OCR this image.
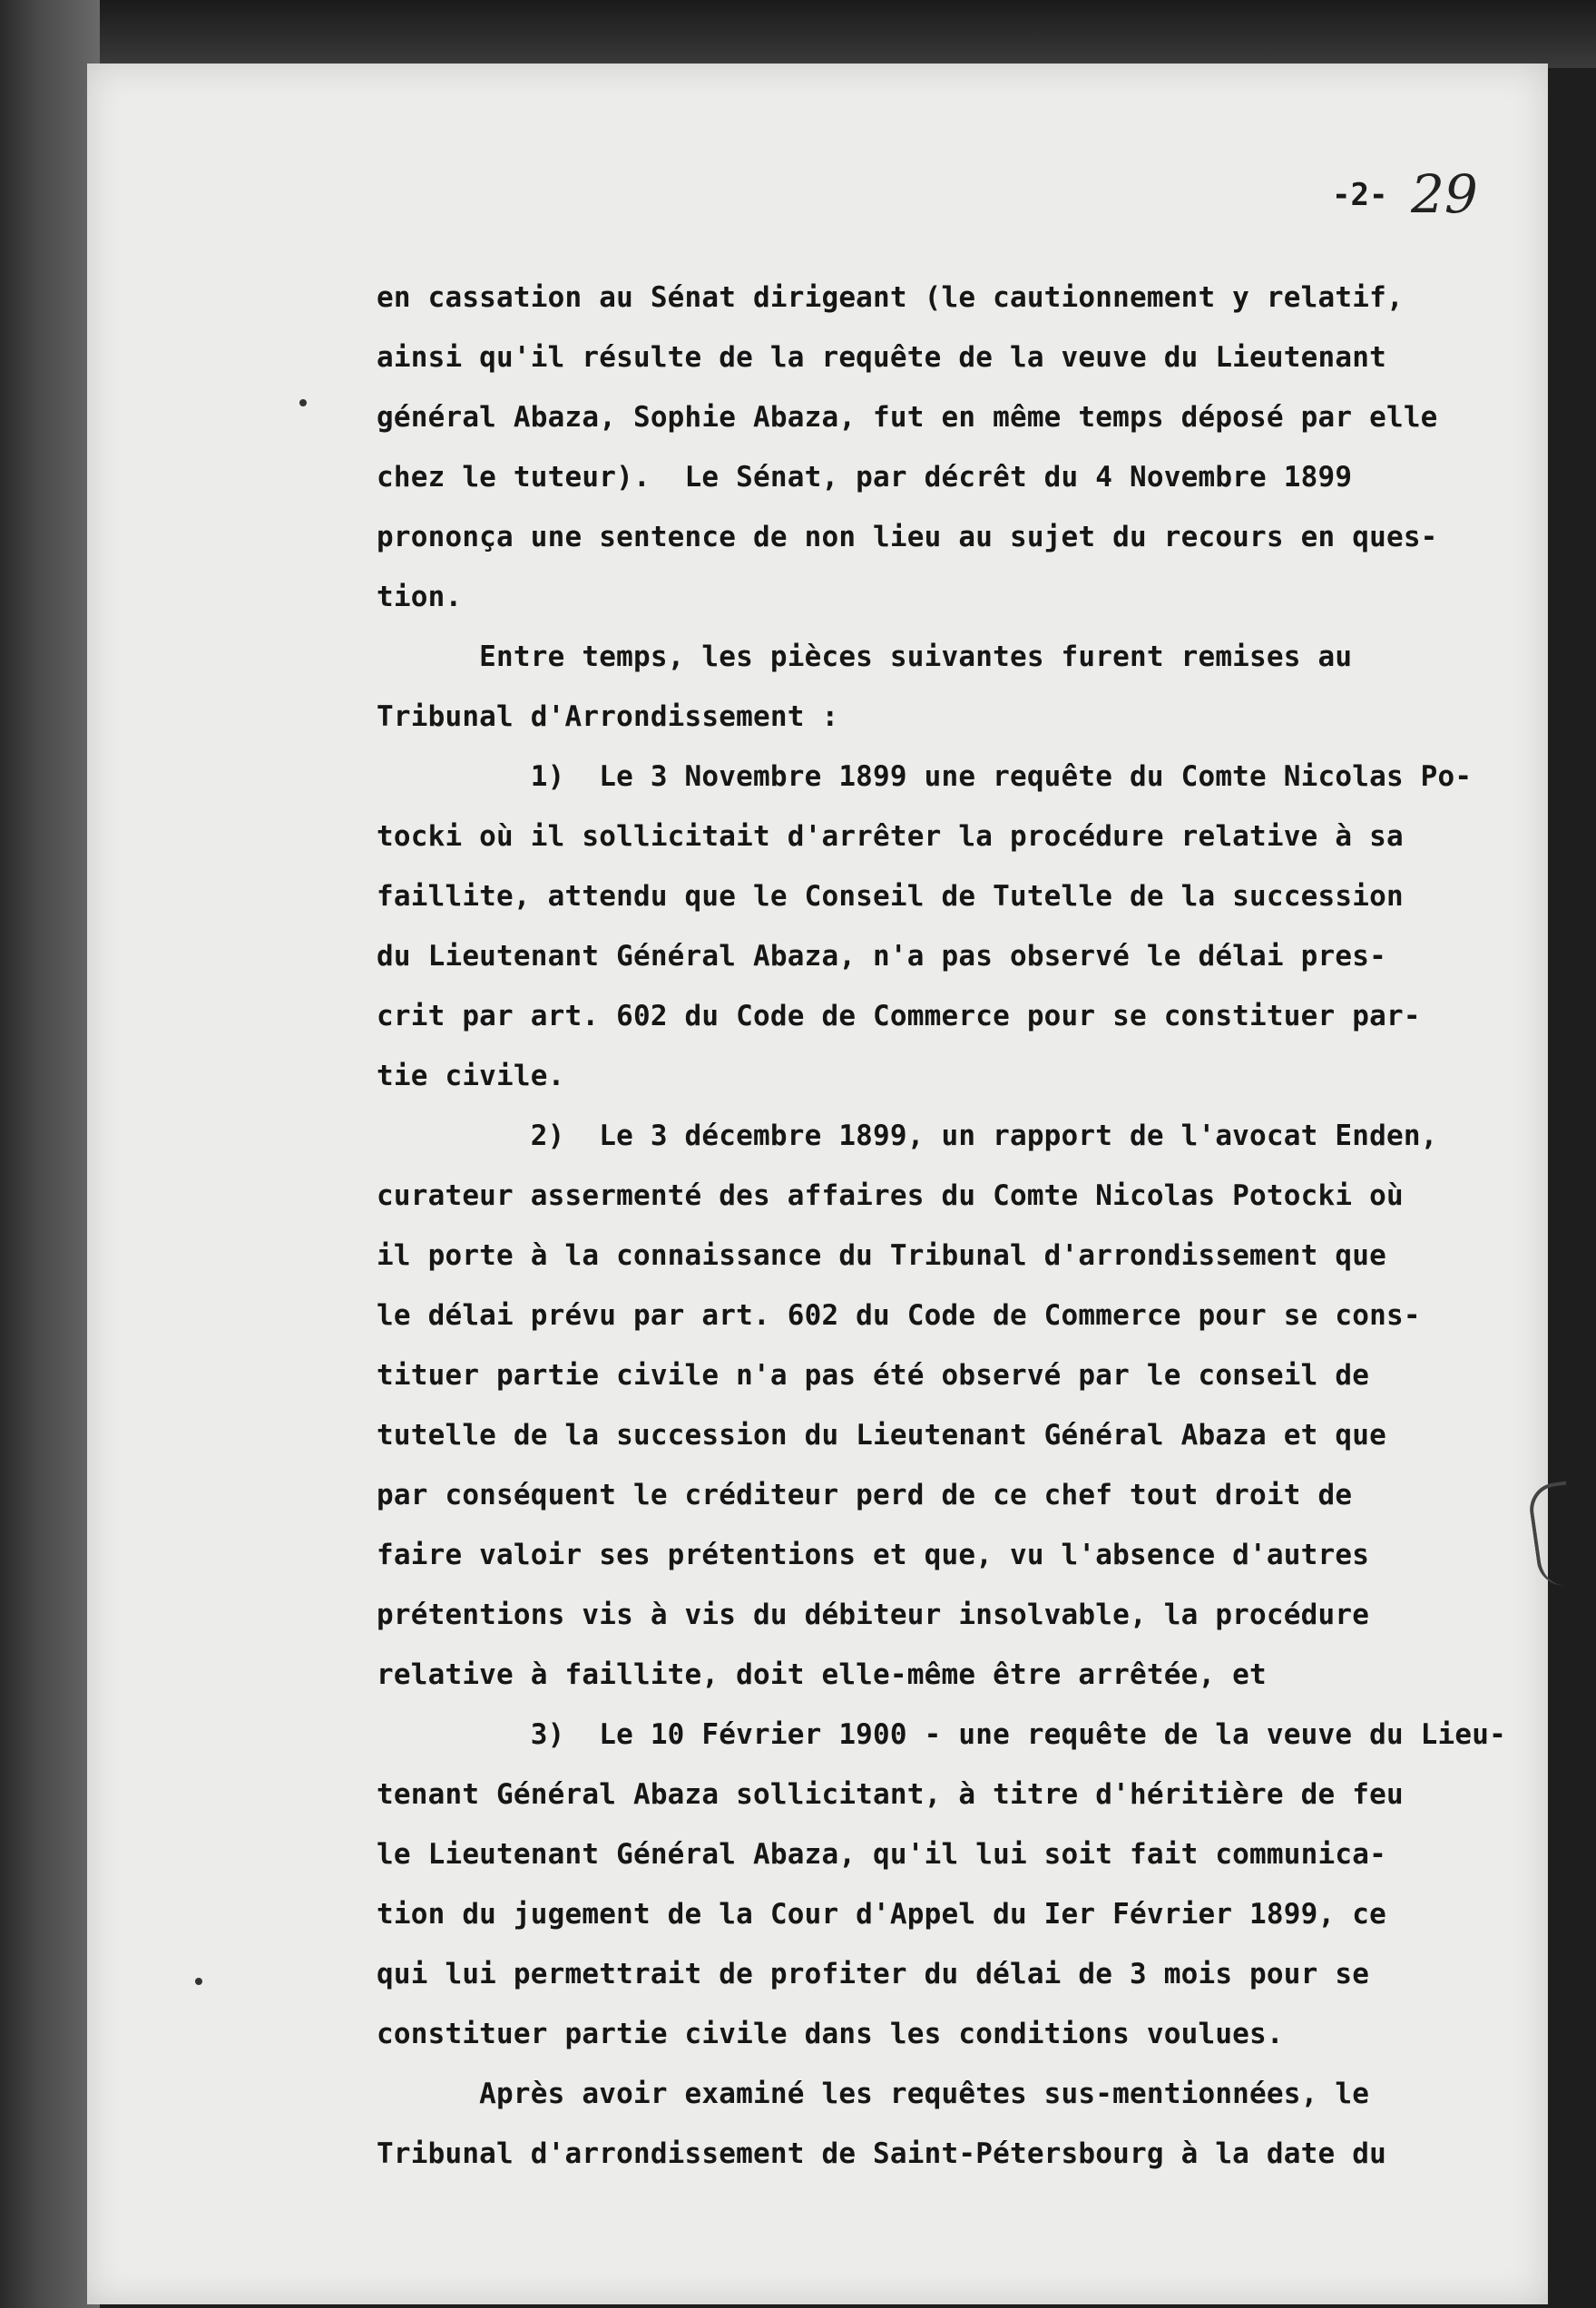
-2- 29
en cassation au Sénat dirigeant (le cautionnement y relatif,
ainsi qu'il résulte de la requête de la veuve du Lieutenant
général Abaza, Sophie Abaza, fut en même temps déposé par elle
chez le tuteur).  Le Sénat, par décrêt du 4 Novembre 1899
prononça une sentence de non lieu au sujet du recours en ques-
tion.
Entre temps, les pièces suivantes furent remises au
Tribunal d'Arrondissement :
1)  Le 3 Novembre 1899 une requête du Comte Nicolas Po-
tocki où il sollicitait d'arrêter la procédure relative à sa
faillite, attendu que le Conseil de Tutelle de la succession
du Lieutenant Général Abaza, n'a pas observé le délai pres-
crit par art. 602 du Code de Commerce pour se constituer par-
tie civile.
2)  Le 3 décembre 1899, un rapport de l'avocat Enden,
curateur assermenté des affaires du Comte Nicolas Potocki où
il porte à la connaissance du Tribunal d'arrondissement que
le délai prévu par art. 602 du Code de Commerce pour se cons-
tituer partie civile n'a pas été observé par le conseil de
tutelle de la succession du Lieutenant Général Abaza et que
par conséquent le créditeur perd de ce chef tout droit de
faire valoir ses prétentions et que, vu l'absence d'autres
prétentions vis à vis du débiteur insolvable, la procédure
relative à faillite, doit elle-même être arrêtée, et
3)  Le 10 Février 1900 - une requête de la veuve du Lieu-
tenant Général Abaza sollicitant, à titre d'héritière de feu
le Lieutenant Général Abaza, qu'il lui soit fait communica-
tion du jugement de la Cour d'Appel du Ier Février 1899, ce
qui lui permettrait de profiter du délai de 3 mois pour se
constituer partie civile dans les conditions voulues.
Après avoir examiné les requêtes sus-mentionnées, le
Tribunal d'arrondissement de Saint-Pétersbourg à la date du
